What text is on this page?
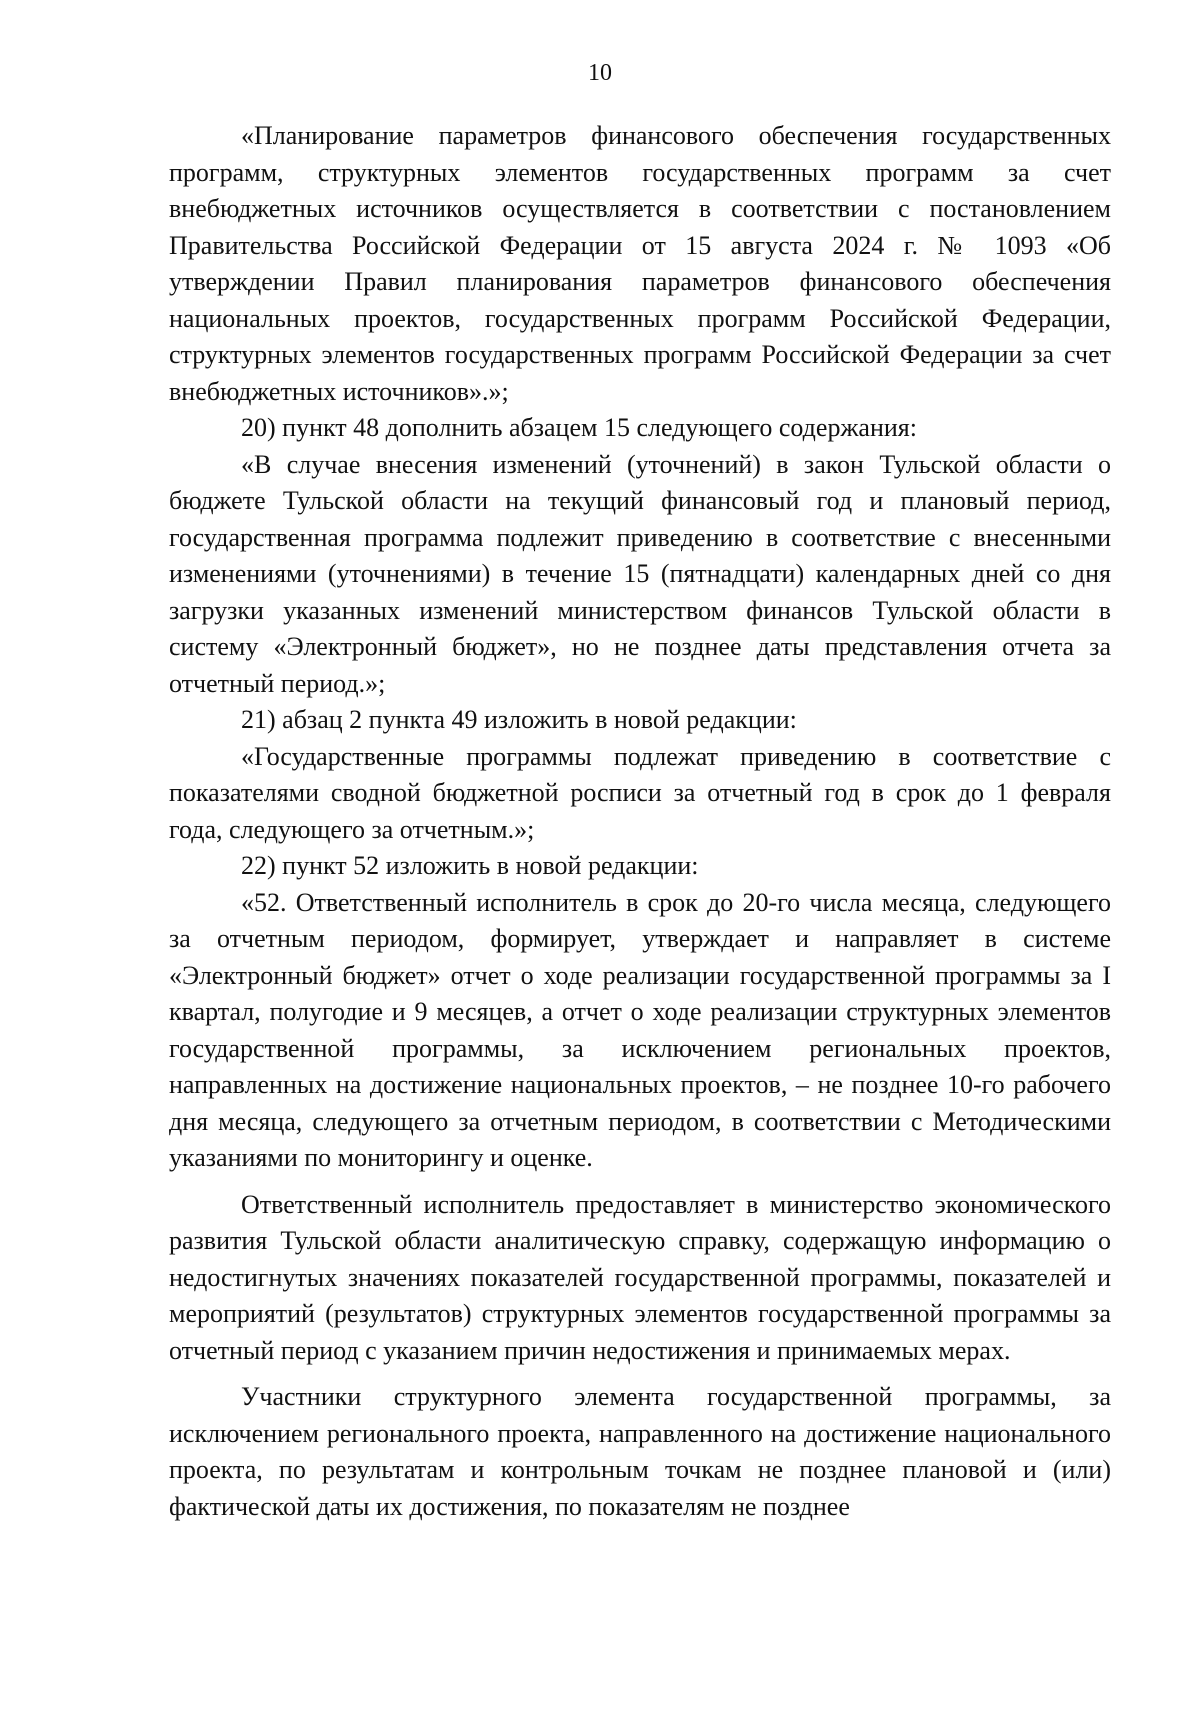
10

«Планирование параметров финансового обеспечения государственных программ, структурных элементов государственных программ за счет внебюджетных источников осуществляется в соответствии с постановлением Правительства Российской Федерации от 15 августа 2024 г. № 1093 «Об утверждении Правил планирования параметров финансового обеспечения национальных проектов, государственных программ Российской Федерации, структурных элементов государственных программ Российской Федерации за счет внебюджетных источников».»;

20) пункт 48 дополнить абзацем 15 следующего содержания:

«В случае внесения изменений (уточнений) в закон Тульской области о бюджете Тульской области на текущий финансовый год и плановый период, государственная программа подлежит приведению в соответствие с внесенными изменениями (уточнениями) в течение 15 (пятнадцати) календарных дней со дня загрузки указанных изменений министерством финансов Тульской области в систему «Электронный бюджет», но не позднее даты представления отчета за отчетный период.»;

21) абзац 2 пункта 49 изложить в новой редакции:

«Государственные программы подлежат приведению в соответствие с показателями сводной бюджетной росписи за отчетный год в срок до 1 февраля года, следующего за отчетным.»;

22) пункт 52 изложить в новой редакции:

«52. Ответственный исполнитель в срок до 20-го числа месяца, следующего за отчетным периодом, формирует, утверждает и направляет в системе «Электронный бюджет» отчет о ходе реализации государственной программы за I квартал, полугодие и 9 месяцев, а отчет о ходе реализации структурных элементов государственной программы, за исключением региональных проектов, направленных на достижение национальных проектов, – не позднее 10-го рабочего дня месяца, следующего за отчетным периодом, в соответствии с Методическими указаниями по мониторингу и оценке.

Ответственный исполнитель предоставляет в министерство экономического развития Тульской области аналитическую справку, содержащую информацию о недостигнутых значениях показателей государственной программы, показателей и мероприятий (результатов) структурных элементов государственной программы за отчетный период с указанием причин недостижения и принимаемых мерах.

Участники структурного элемента государственной программы, за исключением регионального проекта, направленного на достижение национального проекта, по результатам и контрольным точкам не позднее плановой и (или) фактической даты их достижения, по показателям не позднее
